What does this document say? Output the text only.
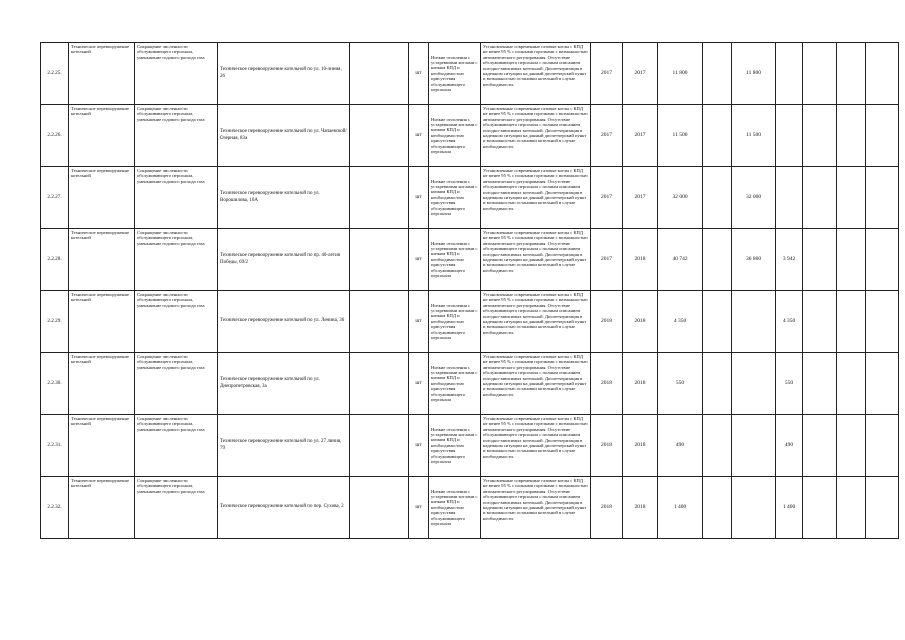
2.2.25.	Техническое перевооружение котельной	Сокращение численности обслуживающего персонала, уменьшение годового расхода газа	Техническое перевооружение котельной по ул. 10-линия, 26		шт	Низкие отопления с устаревшими котлами с низким КПД и необходимостью присутствия обслуживающего персонала	Установленные современные газовые котлы с КПД не менее 95 % с полными горелками с возможностью автоматического регулирования. Отсутствие обслуживающего персонала с полным описанием погодно-зависимых котельной. Диспетчеризация в надежном ситуации на данный диспетчерский пункт и возможностью остановки котельной в случае необходимости.	2017	2017	11 800		11 800				
2.2.26.	Техническое перевооружение котельной	Сокращение численности обслуживающего персонала, уменьшение годового расхода газа	Техническое перевооружение котельной по ул. Чапаевской/Озерная, 83а		шт	Низкие отопления с устаревшими котлами с низким КПД и необходимостью присутствия обслуживающего персонала	Установленные современные газовые котлы с КПД не менее 95 % с полными горелками с возможностью автоматического регулирования. Отсутствие обслуживающего персонала с полным описанием погодно-зависимых котельной. Диспетчеризация в надежном ситуации на данный диспетчерский пункт и возможностью остановки котельной в случае необходимости.	2017	2017	11 500		11 500				
2.2.27.	Техническое перевооружение котельной	Сокращение численности обслуживающего персонала, уменьшение годового расхода газа	Техническое перевооружение котельной по ул. Ворошилова, 10А		шт	Низкие отопления с устаревшими котлами с низким КПД и необходимостью присутствия обслуживающего персонала	Установленные современные газовые котлы с КПД не менее 95 % с полными горелками с возможностью автоматического регулирования. Отсутствие обслуживающего персонала с полным описанием погодно-зависимых котельной. Диспетчеризация в надежном ситуации на данный диспетчерский пункт и возможностью остановки котельной в случае необходимости.	2017	2017	32 000		32 000				
2.2.28.	Техническое перевооружение котельной	Сокращение численности обслуживающего персонала, уменьшение годового расхода газа	Техническое перевооружение котельной по пр. 40-летия Победы, 69/2		шт	Низкие отопления с устаревшими котлами с низким КПД и необходимостью присутствия обслуживающего персонала	Установленные современные газовые котлы с КПД не менее 95 % с полными горелками с возможностью автоматического регулирования. Отсутствие обслуживающего персонала с полным описанием погодно-зависимых котельной. Диспетчеризация в надежном ситуации на данный диспетчерский пункт и возможностью остановки котельной в случае необходимости.	2017	2018	40 742		36 800	3 942			
2.2.29.	Техническое перевооружение котельной	Сокращение численности обслуживающего персонала, уменьшение годового расхода газа	Техническое перевооружение котельной по ул. Ленина, 36		шт	Низкие отопления с устаревшими котлами с низким КПД и необходимостью присутствия обслуживающего персонала	Установленные современные газовые котлы с КПД не менее 95 % с полными горелками с возможностью автоматического регулирования. Отсутствие обслуживающего персонала с полным описанием погодно-зависимых котельной. Диспетчеризация в надежном ситуации на данный диспетчерский пункт и возможностью остановки котельной в случае необходимости.	2018	2018	4 350			4 350			
2.2.30.	Техническое перевооружение котельной	Сокращение численности обслуживающего персонала, уменьшение годового расхода газа	Техническое перевооружение котельной по ул. Днепропетровская, 3а		шт	Низкие отопления с устаревшими котлами с низким КПД и необходимостью присутствия обслуживающего персонала	Установленные современные газовые котлы с КПД не менее 95 % с полными горелками с возможностью автоматического регулирования. Отсутствие обслуживающего персонала с полным описанием погодно-зависимых котельной. Диспетчеризация в надежном ситуации на данный диспетчерский пункт и возможностью остановки котельной в случае необходимости.	2018	2018	550			550			
2.2.31.	Техническое перевооружение котельной	Сокращение численности обслуживающего персонала, уменьшение годового расхода газа	Техническое перевооружение котельной по ул. 27 линия, 79		шт	Низкие отопления с устаревшими котлами с низким КПД и необходимостью присутствия обслуживающего персонала	Установленные современные газовые котлы с КПД не менее 95 % с полными горелками с возможностью автоматического регулирования. Отсутствие обслуживающего персонала с полным описанием погодно-зависимых котельной. Диспетчеризация в надежном ситуации на данный диспетчерский пункт и возможностью остановки котельной в случае необходимости.	2018	2018	490			490			
2.2.32.	Техническое перевооружение котельной	Сокращение численности обслуживающего персонала, уменьшение годового расхода газа	Техническое перевооружение котельной по пер. Сухова, 2		шт	Низкие отопления с устаревшими котлами с низким КПД и необходимостью присутствия обслуживающего персонала	Установленные современные газовые котлы с КПД не менее 95 % с полными горелками с возможностью автоматического регулирования. Отсутствие обслуживающего персонала с полным описанием погодно-зависимых котельной. Диспетчеризация в надежном ситуации на данный диспетчерский пункт и возможностью остановки котельной в случае необходимости.	2018	2018	1 400			1 400			
